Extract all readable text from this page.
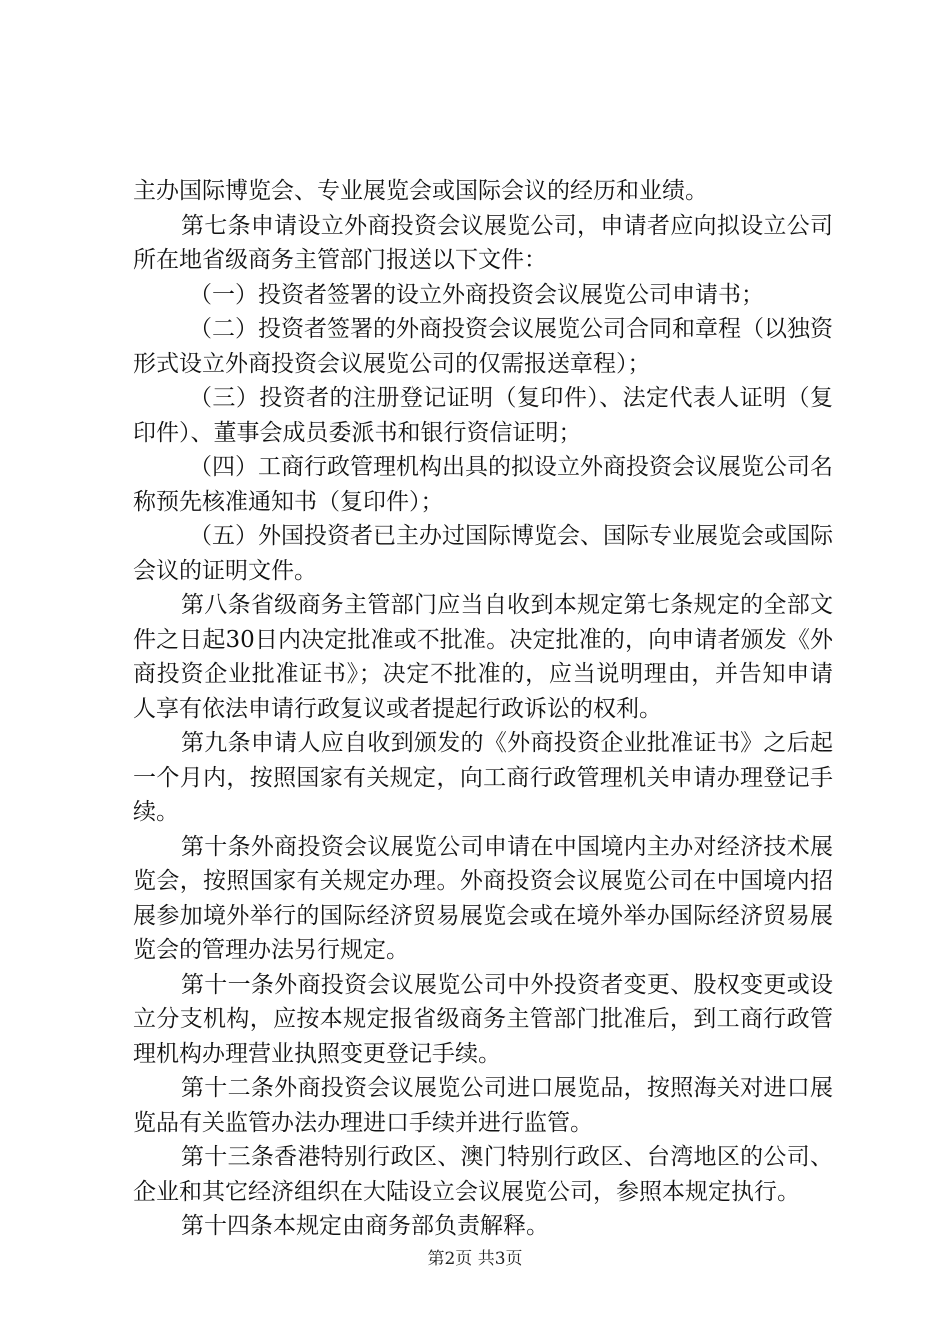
主办国际博览会、专业展览会或国际会议的经历和业绩。

第七条申请设立外商投资会议展览公司，申请者应向拟设立公司所在地省级商务主管部门报送以下文件：

（一）投资者签署的设立外商投资会议展览公司申请书；

（二）投资者签署的外商投资会议展览公司合同和章程（以独资形式设立外商投资会议展览公司的仅需报送章程）；

（三）投资者的注册登记证明（复印件）、法定代表人证明（复印件）、董事会成员委派书和银行资信证明；

（四）工商行政管理机构出具的拟设立外商投资会议展览公司名称预先核准通知书（复印件）；

（五）外国投资者已主办过国际博览会、国际专业展览会或国际会议的证明文件。

第八条省级商务主管部门应当自收到本规定第七条规定的全部文件之日起30日内决定批准或不批准。决定批准的，向申请者颁发《外商投资企业批准证书》；决定不批准的，应当说明理由，并告知申请人享有依法申请行政复议或者提起行政诉讼的权利。

第九条申请人应自收到颁发的《外商投资企业批准证书》之后起一个月内，按照国家有关规定，向工商行政管理机关申请办理登记手续。

第十条外商投资会议展览公司申请在中国境内主办对经济技术展览会，按照国家有关规定办理。外商投资会议展览公司在中国境内招展参加境外举行的国际经济贸易展览会或在境外举办国际经济贸易展览会的管理办法另行规定。

第十一条外商投资会议展览公司中外投资者变更、股权变更或设立分支机构，应按本规定报省级商务主管部门批准后，到工商行政管理机构办理营业执照变更登记手续。

第十二条外商投资会议展览公司进口展览品，按照海关对进口展览品有关监管办法办理进口手续并进行监管。

第十三条香港特别行政区、澳门特别行政区、台湾地区的公司、企业和其它经济组织在大陆设立会议展览公司，参照本规定执行。

第十四条本规定由商务部负责解释。

第2页 共3页
